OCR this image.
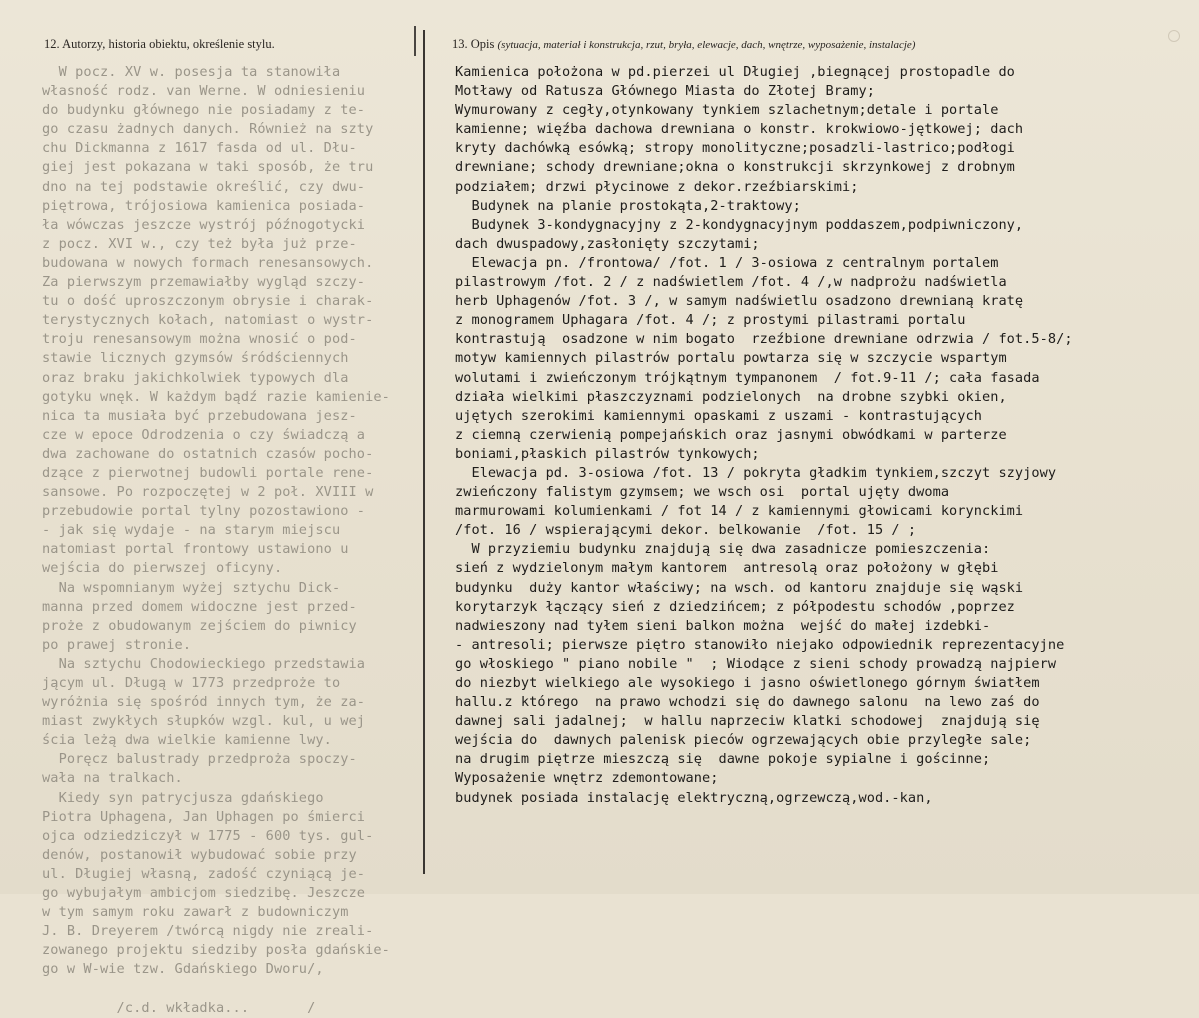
12. Autorzy, historia obiektu, określenie stylu.	13. Opis (sytuacja, materiał i konstrukcja, rzut, bryła, elewacje, dach, wnętrze, wyposażenie, instalacje)
W pocz. XV w. posesja ta stanowiła
własność rodz. van Werne. W odniesieniu
do budynku głównego nie posiadamy z te-
go czasu żadnych danych. Również na szty
chu Dickmanna z 1617 fasda od ul. Dłu-
giej jest pokazana w taki sposób, że tru
dno na tej podstawie określić, czy dwu-
piętrowa, trójosiowa kamienica posiada-
ła wówczas jeszcze wystrój późnogotycki
z pocz. XVI w., czy też była już prze-
budowana w nowych formach renesansowych.
Za pierwszym przemawiałby wygląd szczy-
tu o dość uproszczonym obrysie i charak-
terystycznych kołach, natomiast o wystr-
troju renesansowym można wnosić o pod-
stawie licznych gzymsów śródściennych
oraz braku jakichkolwiek typowych dla
gotyku wnęk. W każdym bądź razie kamienie-
nica ta musiała być przebudowana jesz-
cze w epoce Odrodzenia o czy świadczą a
dwa zachowane do ostatnich czasów pocho-
dzące z pierwotnej budowli portale rene-
sansowe. Po rozpoczętej w 2 poł. XVIII w
przebudowie portal tylny pozostawiono -
- jak się wydaje - na starym miejscu
natomiast portal frontowy ustawiono u
wejścia do pierwszej oficyny.
Na wspomnianym wyżej sztychu Dick-
manna przed domem widoczne jest przed-
proże z obudowanym zejściem do piwnicy
po prawej stronie.
Na sztychu Chodowieckiego przedstawia
jącym ul. Długą w 1773 przedproże to
wyróżnia się spośród innych tym, że za-
miast zwykłych słupków wzgl. kul, u wej
ścia leżą dwa wielkie kamienne lwy.
Poręcz balustrady przedproża spoczy-
wała na tralkach.
Kiedy syn patrycjusza gdańskiego
Piotra Uphagena, Jan Uphagen po śmierci
ojca odziedziczył w 1775 - 600 tys. gul-
denów, postanowił wybudować sobie przy
ul. Długiej własną, zadość czyniącą je-
go wybujałym ambicjom siedzibę. Jeszcze
w tym samym roku zawarł z budowniczym
J. B. Dreyerem /twórcą nigdy nie zreali-
zowanego projektu siedziby posła gdańskie-
go w W-wie tzw. Gdańskiego Dworu/,
/c.d. wkładka...       /
Kamienica położona w pd.pierzei ul Długiej ,biegnącej prostopadle do
Motławy od Ratusza Głównego Miasta do Złotej Bramy;
Wymurowany z cegły,otynkowany tynkiem szlachetnym;detale i portale
kamienne; więźba dachowa drewniana o konstr. krokwiowo-jętkowej; dach
kryty dachówką esówką; stropy monolityczne;posadzli-lastrico;podłogi
drewniane; schody drewniane;okna o konstrukcji skrzynkowej z drobnym
podziałem; drzwi płycinowe z dekor.rzeźbiarskimi;
Budynek na planie prostokąta,2-traktowy;
Budynek 3-kondygnacyjny z 2-kondygnacyjnym poddaszem,podpiwniczony,
dach dwuspadowy,zasłonięty szczytami;
Elewacja pn. /frontowa/ /fot. 1 / 3-osiowa z centralnym portalem
pilastrowym /fot. 2 / z nadświetlem /fot. 4 /,w nadprożu nadświetla
herb Uphagenów /fot. 3 /, w samym nadświetlu osadzono drewnianą kratę
z monogramem Uphagara /fot. 4 /; z prostymi pilastrami portalu
kontrastują  osadzone w nim bogato  rzeźbione drewniane odrzwia / fot.5-8/;
motyw kamiennych pilastrów portalu powtarza się w szczycie wspartym
wolutami i zwieńczonym trójkątnym tympanonem  / fot.9-11 /; cała fasada
działa wielkimi płaszczyznami podzielonych  na drobne szybki okien,
ujętych szerokimi kamiennymi opaskami z uszami - kontrastujących
z ciemną czerwienią pompejańskich oraz jasnymi obwódkami w parterze
boniami,płaskich pilastrów tynkowych;
Elewacja pd. 3-osiowa /fot. 13 / pokryta gładkim tynkiem,szczyt szyjowy
zwieńczony falistym gzymsem; we wsch osi  portal ujęty dwoma
marmurowami kolumienkami / fot 14 / z kamiennymi głowicami korynckimi
/fot. 16 / wspierającymi dekor. belkowanie  /fot. 15 / ;
W przyziemiu budynku znajdują się dwa zasadnicze pomieszczenia:
sień z wydzielonym małym kantorem  antresolą oraz położony w głębi
budynku  duży kantor właściwy; na wsch. od kantoru znajduje się wąski
korytarzyk łączący sień z dziedzińcem; z półpodestu schodów ,poprzez
nadwieszony nad tyłem sieni balkon można  wejść do małej izdebki-
- antresoli; pierwsze piętro stanowiło niejako odpowiednik reprezentacyjne
go włoskiego " piano nobile "  ; Wiodące z sieni schody prowadzą najpierw
do niezbyt wielkiego ale wysokiego i jasno oświetlonego górnym światłem
hallu.z którego  na prawo wchodzi się do dawnego salonu  na lewo zaś do
dawnej sali jadalnej;  w hallu naprzeciw klatki schodowej  znajdują się
wejścia do  dawnych palenisk pieców ogrzewających obie przyległe sale;
na drugim piętrze mieszczą się  dawne pokoje sypialne i gościnne;
Wyposażenie wnętrz zdemontowane;
budynek posiada instalację elektryczną,ogrzewczą,wod.-kan,
